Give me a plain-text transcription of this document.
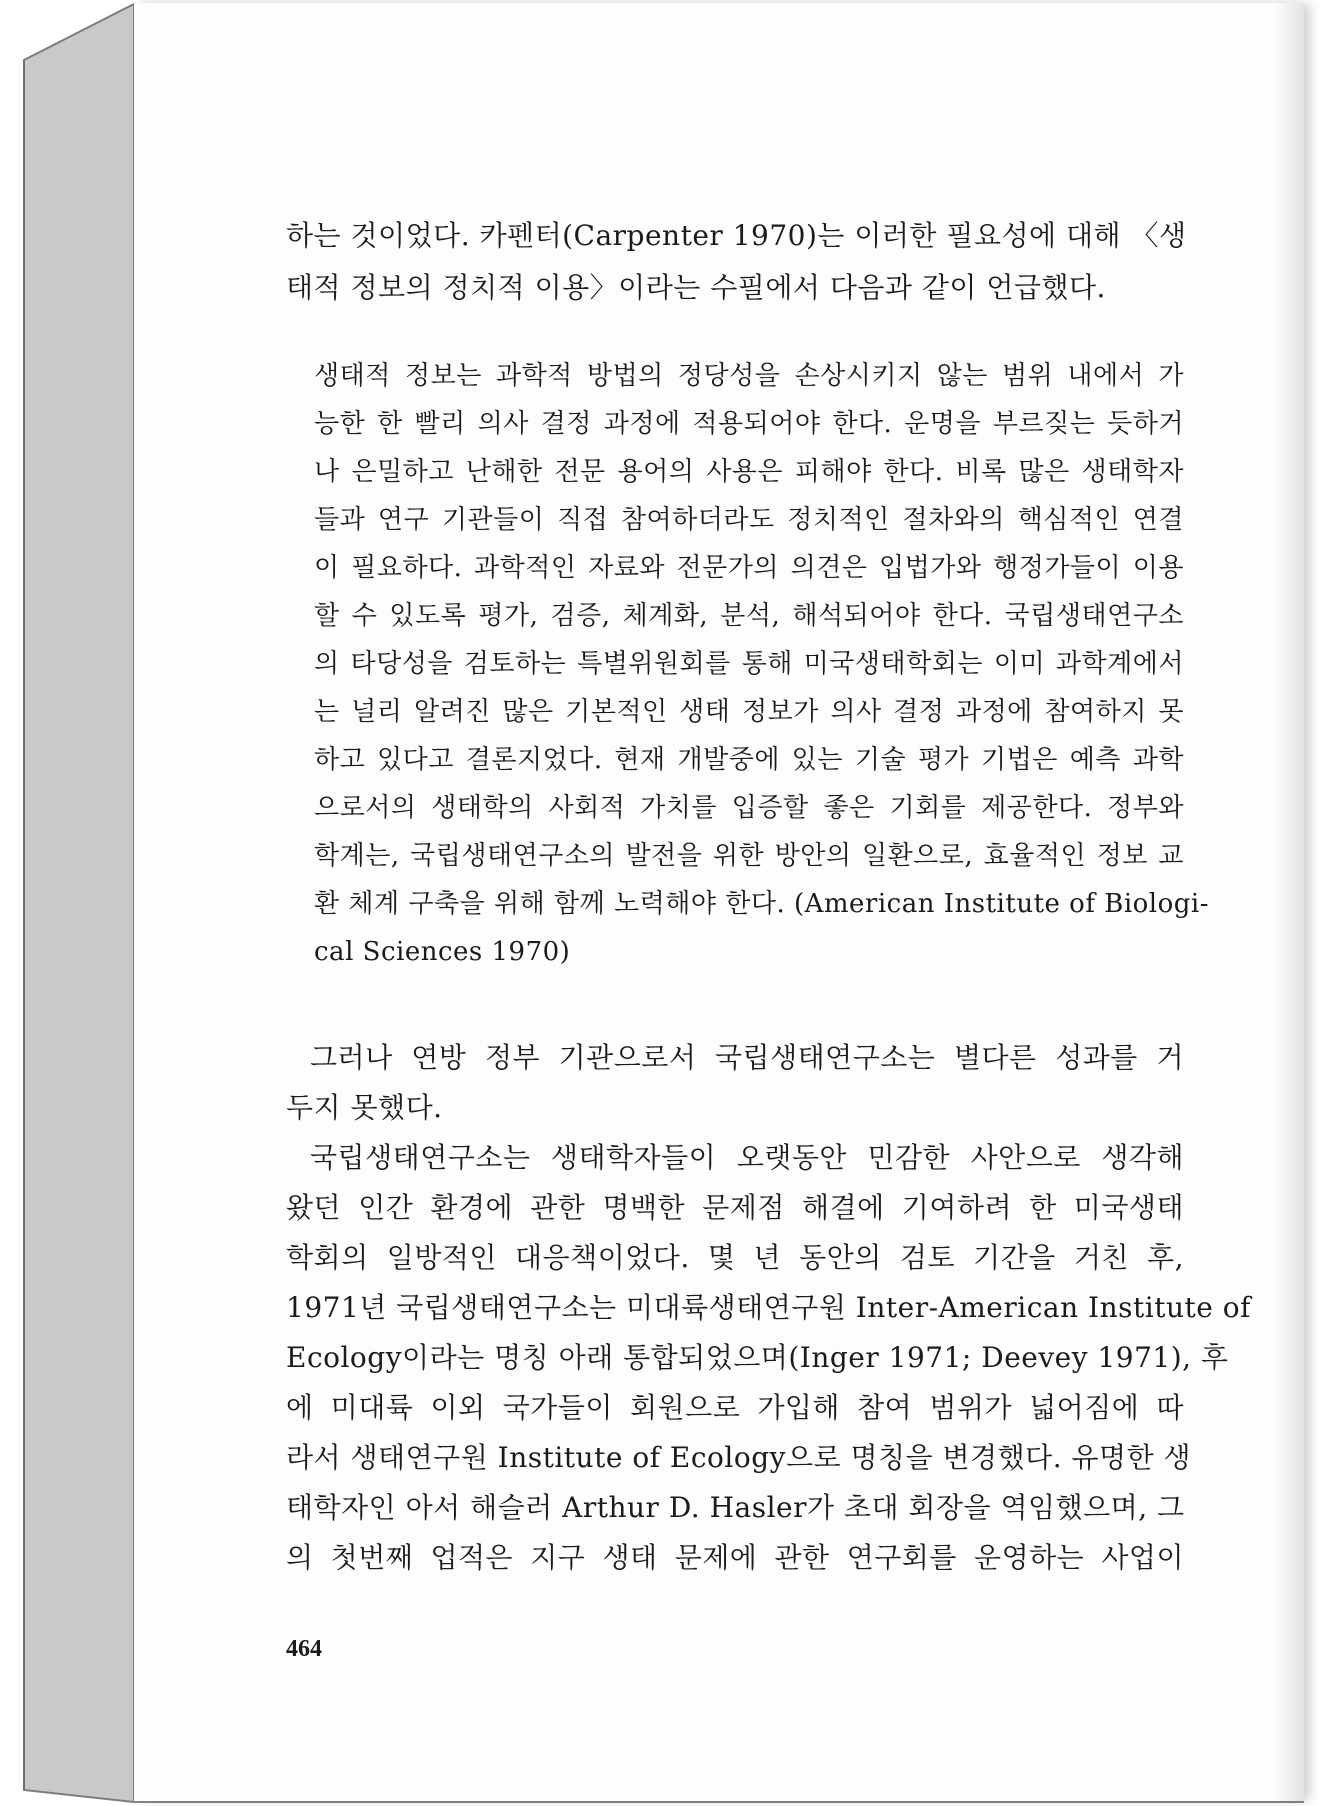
하는 것이었다. 카펜터(Carpenter 1970)는 이러한 필요성에 대해 〈생
태적 정보의 정치적 이용〉이라는 수필에서 다음과 같이 언급했다.
생태적 정보는 과학적 방법의 정당성을 손상시키지 않는 범위 내에서 가
능한 한 빨리 의사 결정 과정에 적용되어야 한다. 운명을 부르짖는 듯하거
나 은밀하고 난해한 전문 용어의 사용은 피해야 한다. 비록 많은 생태학자
들과 연구 기관들이 직접 참여하더라도 정치적인 절차와의 핵심적인 연결
이 필요하다. 과학적인 자료와 전문가의 의견은 입법가와 행정가들이 이용
할 수 있도록 평가, 검증, 체계화, 분석, 해석되어야 한다. 국립생태연구소
의 타당성을 검토하는 특별위원회를 통해 미국생태학회는 이미 과학계에서
는 널리 알려진 많은 기본적인 생태 정보가 의사 결정 과정에 참여하지 못
하고 있다고 결론지었다. 현재 개발중에 있는 기술 평가 기법은 예측 과학
으로서의 생태학의 사회적 가치를 입증할 좋은 기회를 제공한다. 정부와
학계는, 국립생태연구소의 발전을 위한 방안의 일환으로, 효율적인 정보 교
환 체계 구축을 위해 함께 노력해야 한다. (American Institute of Biologi-
cal Sciences 1970)
그러나 연방 정부 기관으로서 국립생태연구소는 별다른 성과를 거
두지 못했다.
국립생태연구소는 생태학자들이 오랫동안 민감한 사안으로 생각해
왔던 인간 환경에 관한 명백한 문제점 해결에 기여하려 한 미국생태
학회의 일방적인 대응책이었다. 몇 년 동안의 검토 기간을 거친 후,
1971년 국립생태연구소는 미대륙생태연구원 Inter-American Institute of
Ecology이라는 명칭 아래 통합되었으며(Inger 1971; Deevey 1971), 후
에 미대륙 이외 국가들이 회원으로 가입해 참여 범위가 넓어짐에 따
라서 생태연구원 Institute of Ecology으로 명칭을 변경했다. 유명한 생
태학자인 아서 해슬러 Arthur D. Hasler가 초대 회장을 역임했으며, 그
의 첫번째 업적은 지구 생태 문제에 관한 연구회를 운영하는 사업이
464
